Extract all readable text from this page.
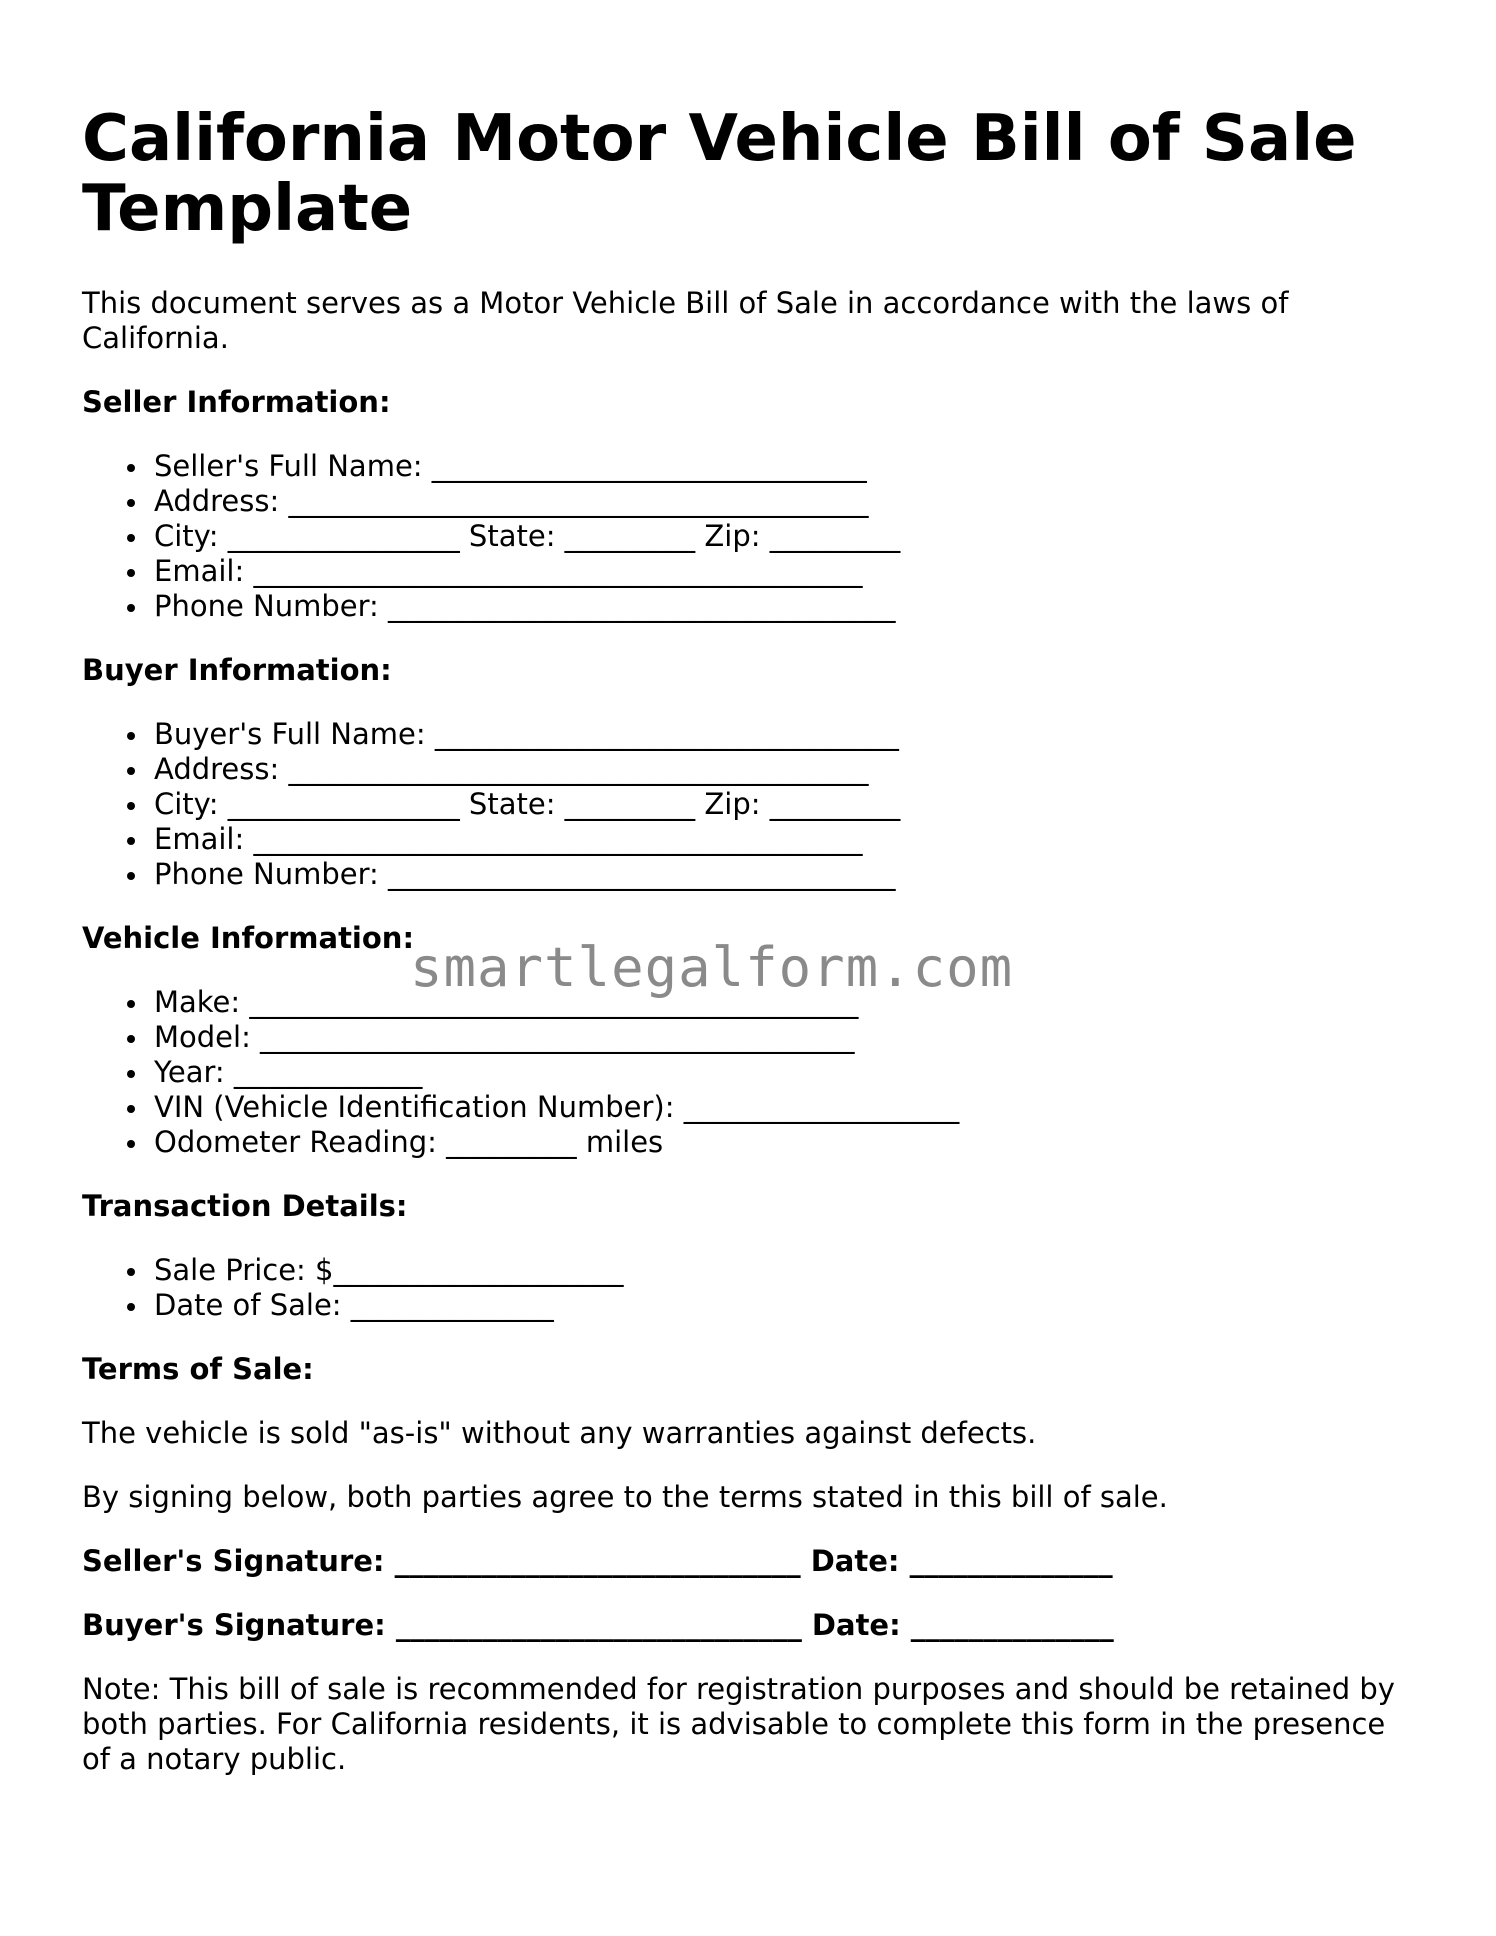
California Motor Vehicle Bill of Sale Template

This document serves as a Motor Vehicle Bill of Sale in accordance with the laws of California.

Seller Information:

Seller's Full Name: ______________________________
Address: ________________________________________
City: ________________ State: _________ Zip: _________
Email: __________________________________________
Phone Number: ___________________________________

Buyer Information:

Buyer's Full Name: ________________________________
Address: ________________________________________
City: ________________ State: _________ Zip: _________
Email: __________________________________________
Phone Number: ___________________________________

Vehicle Information:

Make: __________________________________________
Model: _________________________________________
Year: _____________
VIN (Vehicle Identification Number): ___________________
Odometer Reading: _________ miles

Transaction Details:

Sale Price: $____________________
Date of Sale: ______________

Terms of Sale:

The vehicle is sold "as-is" without any warranties against defects.

By signing below, both parties agree to the terms stated in this bill of sale.

Seller's Signature: ____________________________ Date: ______________
Buyer's Signature: ____________________________ Date: ______________

Note: This bill of sale is recommended for registration purposes and should be retained by both parties. For California residents, it is advisable to complete this form in the presence of a notary public.

smartlegalform.com
